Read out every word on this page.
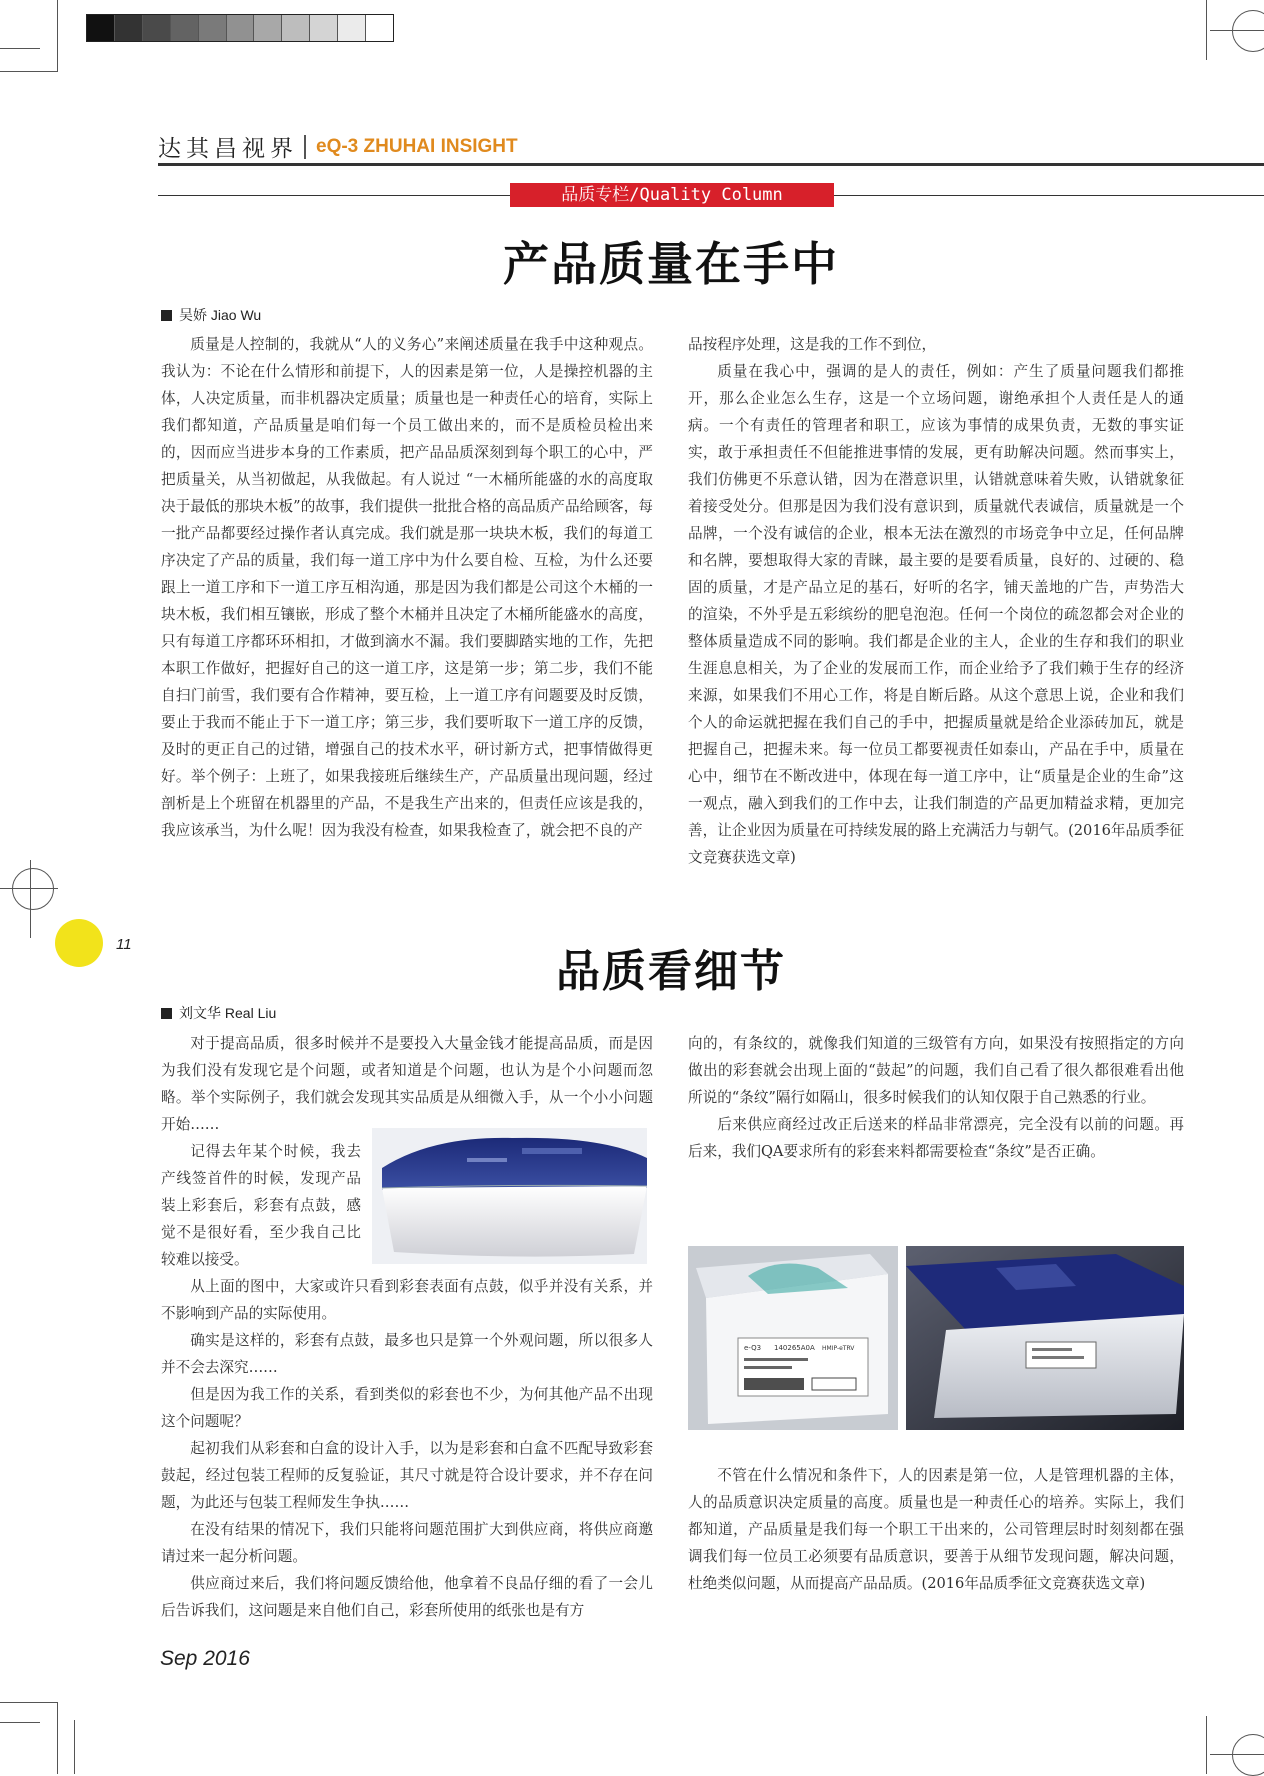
达其昌视界 eQ-3 ZHUHAI INSIGHT
品质专栏/Quality Column
产品质量在手中
吴娇 Jiao Wu

质量是人控制的，我就从“人的义务心”来阐述质量在我手中这种观点。我认为：不论在什么情形和前提下，人的因素是第一位，人是操控机器的主体，人决定质量，而非机器决定质量；质量也是一种责任心的培育，实际上我们都知道，产品质量是咱们每一个员工做出来的，而不是质检员检出来的，因而应当进步本身的工作素质，把产品品质深刻到每个职工的心中，严把质量关，从当初做起，从我做起。有人说过 “一木桶所能盛的水的高度取决于最低的那块木板”的故事，我们提供一批批合格的高品质产品给顾客，每一批产品都要经过操作者认真完成。我们就是那一块块木板，我们的每道工序决定了产品的质量，我们每一道工序中为什么要自检、互检，为什么还要跟上一道工序和下一道工序互相沟通，那是因为我们都是公司这个木桶的一块木板，我们相互镶嵌，形成了整个木桶并且决定了木桶所能盛水的高度，只有每道工序都环环相扣，才做到滴水不漏。我们要脚踏实地的工作，先把本职工作做好，把握好自己的这一道工序，这是第一步；第二步，我们不能自扫门前雪，我们要有合作精神，要互检，上一道工序有问题要及时反馈，要止于我而不能止于下一道工序；第三步，我们要听取下一道工序的反馈，及时的更正自己的过错，增强自己的技术水平，研讨新方式，把事情做得更好。举个例子：上班了，如果我接班后继续生产，产品质量出现问题，经过剖析是上个班留在机器里的产品，不是我生产出来的，但责任应该是我的，我应该承当，为什么呢！因为我没有检查，如果我检查了，就会把不良的产

品按程序处理，这是我的工作不到位，

质量在我心中，强调的是人的责任，例如：产生了质量问题我们都推开，那么企业怎么生存，这是一个立场问题，谢绝承担个人责任是人的通病。一个有责任的管理者和职工，应该为事情的成果负责，无数的事实证实，敢于承担责任不但能推进事情的发展，更有助解决问题。然而事实上，我们仿佛更不乐意认错，因为在潜意识里，认错就意味着失败，认错就象征着接受处分。但那是因为我们没有意识到，质量就代表诚信，质量就是一个品牌，一个没有诚信的企业，根本无法在激烈的市场竞争中立足，任何品牌和名牌，要想取得大家的青睐，最主要的是要看质量，良好的、过硬的、稳固的质量，才是产品立足的基石，好听的名字，铺天盖地的广告，声势浩大的渲染，不外乎是五彩缤纷的肥皂泡泡。任何一个岗位的疏忽都会对企业的整体质量造成不同的影响。我们都是企业的主人，企业的生存和我们的职业生涯息息相关，为了企业的发展而工作，而企业给予了我们赖于生存的经济来源，如果我们不用心工作，将是自断后路。从这个意思上说，企业和我们个人的命运就把握在我们自己的手中，把握质量就是给企业添砖加瓦，就是把握自己，把握未来。每一位员工都要视责任如泰山，产品在手中，质量在心中，细节在不断改进中，体现在每一道工序中，让“质量是企业的生命”这一观点，融入到我们的工作中去，让我们制造的产品更加精益求精，更加完善，让企业因为质量在可持续发展的路上充满活力与朝气。(2016年品质季征文竞赛获选文章)

11
品质看细节
刘文华 Real Liu

对于提高品质，很多时候并不是要投入大量金钱才能提高品质，而是因为我们没有发现它是个问题，或者知道是个问题，也认为是个小问题而忽略。举个实际例子，我们就会发现其实品质是从细微入手，从一个小小问题开始……

记得去年某个时候，我去产线签首件的时候，发现产品装上彩套后，彩套有点鼓，感觉不是很好看，至少我自己比较难以接受。

从上面的图中，大家或许只看到彩套表面有点鼓，似乎并没有关系，并不影响到产品的实际使用。

确实是这样的，彩套有点鼓，最多也只是算一个外观问题，所以很多人并不会去深究……

但是因为我工作的关系，看到类似的彩套也不少，为何其他产品不出现这个问题呢？

起初我们从彩套和白盒的设计入手，以为是彩套和白盒不匹配导致彩套鼓起，经过包装工程师的反复验证，其尺寸就是符合设计要求，并不存在问题，为此还与包装工程师发生争执……

在没有结果的情况下，我们只能将问题范围扩大到供应商，将供应商邀请过来一起分析问题。

供应商过来后，我们将问题反馈给他，他拿着不良品仔细的看了一会儿后告诉我们，这问题是来自他们自己，彩套所使用的纸张也是有方

向的，有条纹的，就像我们知道的三级管有方向，如果没有按照指定的方向做出的彩套就会出现上面的“鼓起”的问题，我们自己看了很久都很难看出他所说的“条纹”隔行如隔山，很多时候我们的认知仅限于自己熟悉的行业。

后来供应商经过改正后送来的样品非常漂亮，完全没有以前的问题。再后来，我们QA要求所有的彩套来料都需要检查“条纹”是否正确。

e-Q3 140265A0A HMIP-eTRV

不管在什么情况和条件下，人的因素是第一位，人是管理机器的主体，人的品质意识决定质量的高度。质量也是一种责任心的培养。实际上，我们都知道，产品质量是我们每一个职工干出来的，公司管理层时时刻刻都在强调我们每一位员工必须要有品质意识，要善于从细节发现问题，解决问题，杜绝类似问题，从而提高产品品质。(2016年品质季征文竞赛获选文章)

Sep 2016
